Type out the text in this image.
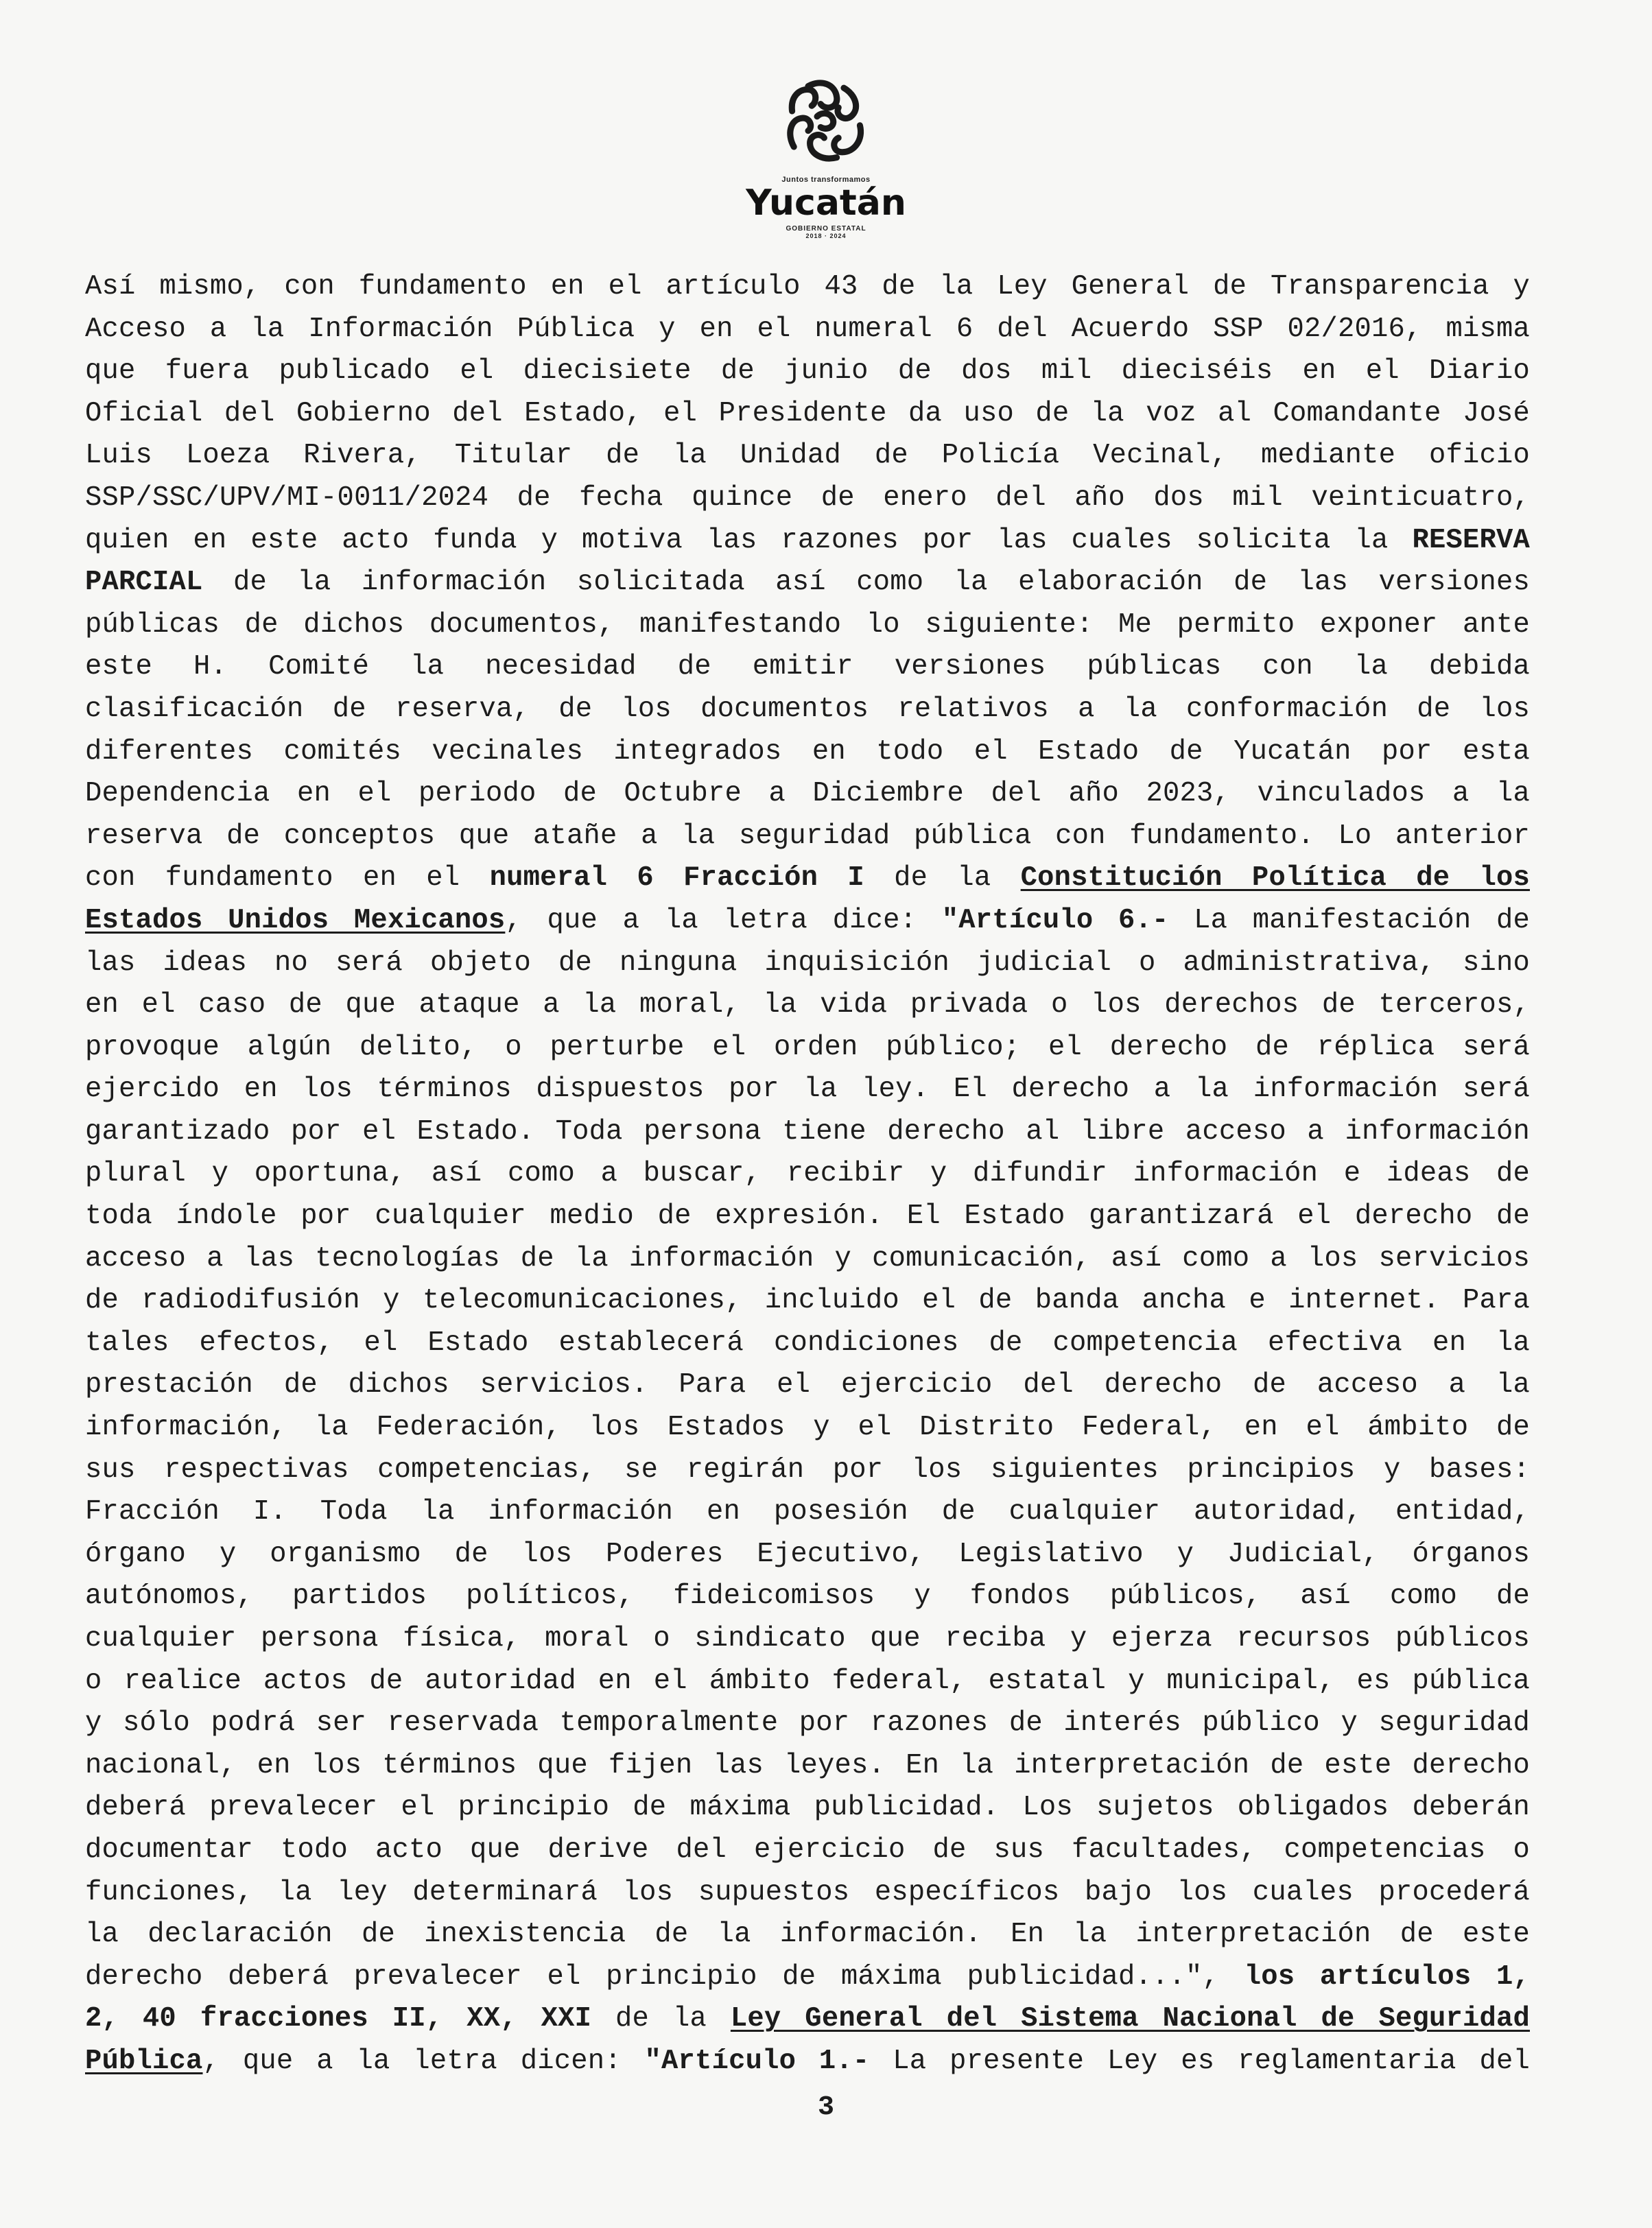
Juntos transformamos
Yucatán
GOBIERNO ESTATAL
2018 · 2024
Así mismo, con fundamento en el artículo 43 de la Ley General de Transparencia y
Acceso a la Información Pública y en el numeral 6 del Acuerdo SSP 02/2016, misma
que fuera publicado el diecisiete de junio de dos mil dieciséis en el Diario
Oficial del Gobierno del Estado, el Presidente da uso de la voz al Comandante José
Luis Loeza Rivera, Titular de la Unidad de Policía Vecinal, mediante oficio
SSP/SSC/UPV/MI-0011/2024 de fecha quince de enero del año dos mil veinticuatro,
quien en este acto funda y motiva las razones por las cuales solicita la RESERVA
PARCIAL de la información solicitada así como la elaboración de las versiones
públicas de dichos documentos, manifestando lo siguiente: Me permito exponer ante
este H. Comité la necesidad de emitir versiones públicas con la debida
clasificación de reserva, de los documentos relativos a la conformación de los
diferentes comités vecinales integrados en todo el Estado de Yucatán por esta
Dependencia en el periodo de Octubre a Diciembre del año 2023, vinculados a la
reserva de conceptos que atañe a la seguridad pública con fundamento. Lo anterior
con fundamento en el numeral 6 Fracción I de la Constitución Política de los
Estados Unidos Mexicanos, que a la letra dice: "Artículo 6.- La manifestación de
las ideas no será objeto de ninguna inquisición judicial o administrativa, sino
en el caso de que ataque a la moral, la vida privada o los derechos de terceros,
provoque algún delito, o perturbe el orden público; el derecho de réplica será
ejercido en los términos dispuestos por la ley. El derecho a la información será
garantizado por el Estado. Toda persona tiene derecho al libre acceso a información
plural y oportuna, así como a buscar, recibir y difundir información e ideas de
toda índole por cualquier medio de expresión. El Estado garantizará el derecho de
acceso a las tecnologías de la información y comunicación, así como a los servicios
de radiodifusión y telecomunicaciones, incluido el de banda ancha e internet. Para
tales efectos, el Estado establecerá condiciones de competencia efectiva en la
prestación de dichos servicios. Para el ejercicio del derecho de acceso a la
información, la Federación, los Estados y el Distrito Federal, en el ámbito de
sus respectivas competencias, se regirán por los siguientes principios y bases:
Fracción I. Toda la información en posesión de cualquier autoridad, entidad,
órgano y organismo de los Poderes Ejecutivo, Legislativo y Judicial, órganos
autónomos, partidos políticos, fideicomisos y fondos públicos, así como de
cualquier persona física, moral o sindicato que reciba y ejerza recursos públicos
o realice actos de autoridad en el ámbito federal, estatal y municipal, es pública
y sólo podrá ser reservada temporalmente por razones de interés público y seguridad
nacional, en los términos que fijen las leyes. En la interpretación de este derecho
deberá prevalecer el principio de máxima publicidad. Los sujetos obligados deberán
documentar todo acto que derive del ejercicio de sus facultades, competencias o
funciones, la ley determinará los supuestos específicos bajo los cuales procederá
la declaración de inexistencia de la información. En la interpretación de este
derecho deberá prevalecer el principio de máxima publicidad...", los artículos 1,
2, 40 fracciones II, XX, XXI de la Ley General del Sistema Nacional de Seguridad
Pública, que a la letra dicen: "Artículo 1.- La presente Ley es reglamentaria del
3
